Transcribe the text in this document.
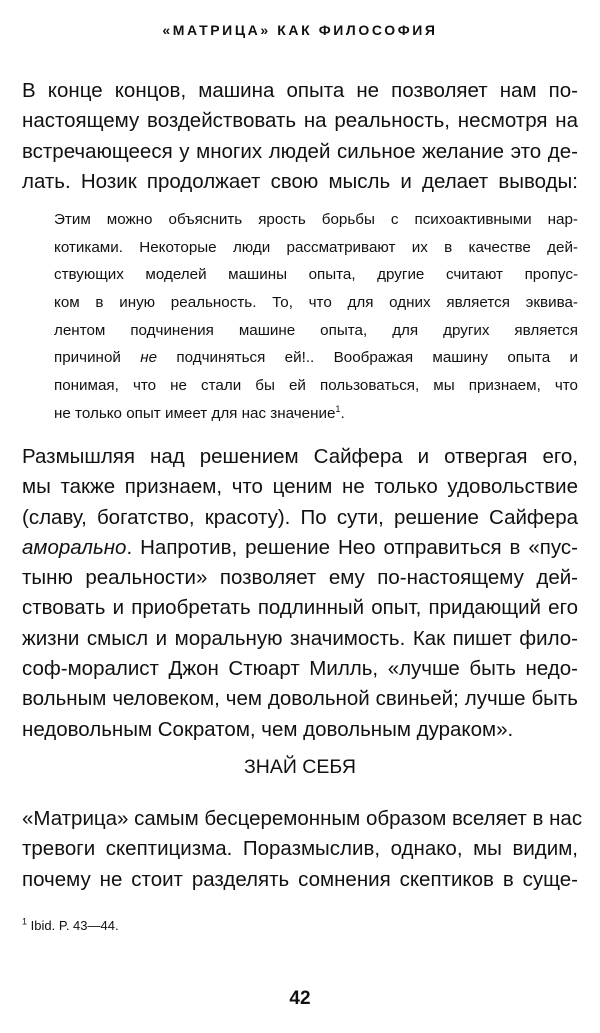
«МАТРИЦА» КАК ФИЛОСОФИЯ
В конце концов, машина опыта не позволяет нам по-
настоящему воздействовать на реальность, несмотря на
встречающееся у многих людей сильное желание это де-
лать. Нозик продолжает свою мысль и делает выводы:
Этим можно объяснить ярость борьбы с психоактивными нар-
котиками. Некоторые люди рассматривают их в качестве дей-
ствующих моделей машины опыта, другие считают пропус-
ком в иную реальность. То, что для одних является эквива-
лентом подчинения машине опыта, для других является
причиной не подчиняться ей!.. Воображая машину опыта и
понимая, что не стали бы ей пользоваться, мы признаем, что
не только опыт имеет для нас значение$^1$.
Размышляя над решением Сайфера и отвергая его,
мы также признаем, что ценим не только удовольствие
(славу, богатство, красоту). По сути, решение Сайфера
аморально. Напротив, решение Нео отправиться в «пус-
тыню реальности» позволяет ему по-настоящему дей-
ствовать и приобретать подлинный опыт, придающий его
жизни смысл и моральную значимость. Как пишет фило-
соф-моралист Джон Стюарт Милль, «лучше быть недо-
вольным человеком, чем довольной свиньей; лучше быть
недовольным Сократом, чем довольным дураком».
ЗНАЙ СЕБЯ
«Матрица» самым бесцеремонным образом вселяет в нас
тревоги скептицизма. Поразмыслив, однако, мы видим,
почему не стоит разделять сомнения скептиков в суще-
$^1$ Ibid. P. 43—44.
42
